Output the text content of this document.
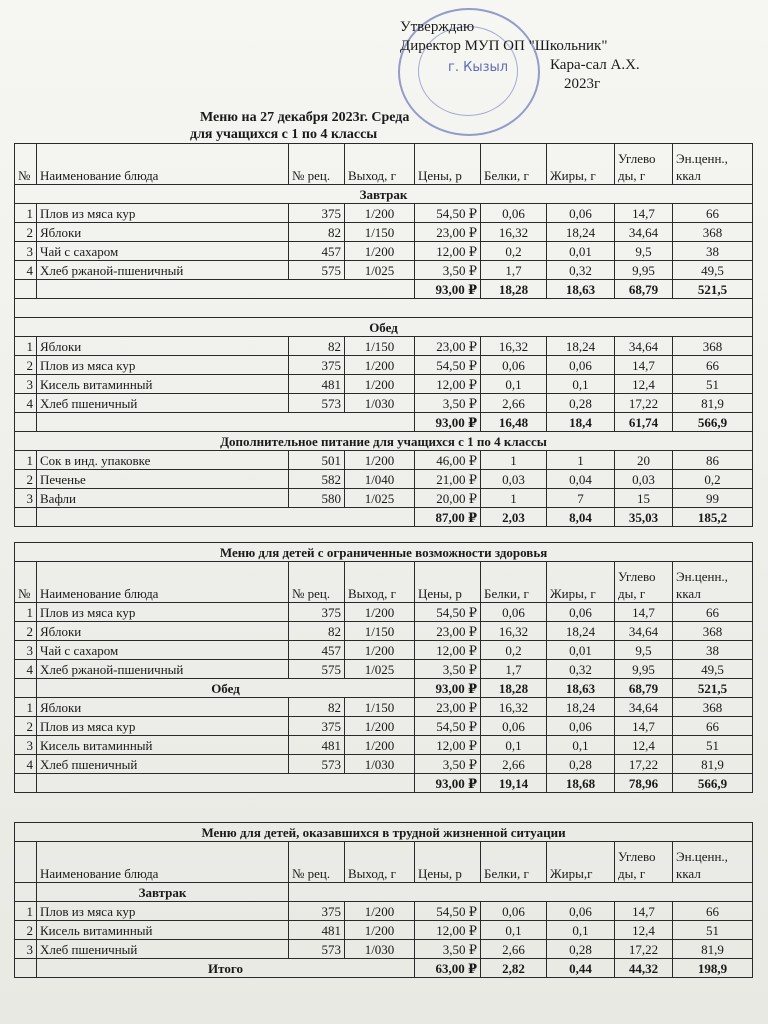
г. Кызыл
Утверждаю
Директор МУП ОП "Школьник"
Кара-сал А.Х.
2023г
Меню на 27 декабря 2023г. Среда
для учащихся с 1 по 4 классы
№	Наименование блюда	№ рец.	Выход, г	Цены, р	Белки, г	Жиры, г	Углево ды, г	Эн.ценн., ккал
Завтрак								
1	Плов из мяса кур	375	1/200	54,50 ₽	0,06	0,06	14,7	66
2	Яблоки	82	1/150	23,00 ₽	16,32	18,24	34,64	368
3	Чай с сахаром	457	1/200	12,00 ₽	0,2	0,01	9,5	38
4	Хлеб ржаной-пшеничный	575	1/025	3,50 ₽	1,7	0,32	9,95	49,5
				93,00 ₽	18,28	18,63	68,79	521,5

Обед								
1	Яблоки	82	1/150	23,00 ₽	16,32	18,24	34,64	368
2	Плов из мяса кур	375	1/200	54,50 ₽	0,06	0,06	14,7	66
3	Кисель витаминный	481	1/200	12,00 ₽	0,1	0,1	12,4	51
4	Хлеб пшеничный	573	1/030	3,50 ₽	2,66	0,28	17,22	81,9
				93,00 ₽	16,48	18,4	61,74	566,9
Дополнительное питание для учащихся с 1 по 4 классы								
1	Сок в инд. упаковке	501	1/200	46,00 ₽	1	1	20	86
2	Печенье	582	1/040	21,00 ₽	0,03	0,04	0,03	0,2
3	Вафли	580	1/025	20,00 ₽	1	7	15	99
				87,00 ₽	2,03	8,04	35,03	185,2
Меню для детей с ограниченные возможности здоровья								
№	Наименование блюда	№ рец.	Выход, г	Цены, р	Белки, г	Жиры, г	Углево ды, г	Эн.ценн., ккал
1	Плов из мяса кур	375	1/200	54,50 ₽	0,06	0,06	14,7	66
2	Яблоки	82	1/150	23,00 ₽	16,32	18,24	34,64	368
3	Чай с сахаром	457	1/200	12,00 ₽	0,2	0,01	9,5	38
4	Хлеб ржаной-пшеничный	575	1/025	3,50 ₽	1,7	0,32	9,95	49,5
	Обед			93,00 ₽	18,28	18,63	68,79	521,5
1	Яблоки	82	1/150	23,00 ₽	16,32	18,24	34,64	368
2	Плов из мяса кур	375	1/200	54,50 ₽	0,06	0,06	14,7	66
3	Кисель витаминный	481	1/200	12,00 ₽	0,1	0,1	12,4	51
4	Хлеб пшеничный	573	1/030	3,50 ₽	2,66	0,28	17,22	81,9
				93,00 ₽	19,14	18,68	78,96	566,9
Меню для детей, оказавшихся в трудной жизненной ситуации								
	Наименование блюда	№ рец.	Выход, г	Цены, р	Белки, г	Жиры,г	Углево ды, г	Эн.ценн., ккал
	Завтрак							
1	Плов из мяса кур	375	1/200	54,50 ₽	0,06	0,06	14,7	66
2	Кисель витаминный	481	1/200	12,00 ₽	0,1	0,1	12,4	51
3	Хлеб пшеничный	573	1/030	3,50 ₽	2,66	0,28	17,22	81,9
	Итого			63,00 ₽	2,82	0,44	44,32	198,9
